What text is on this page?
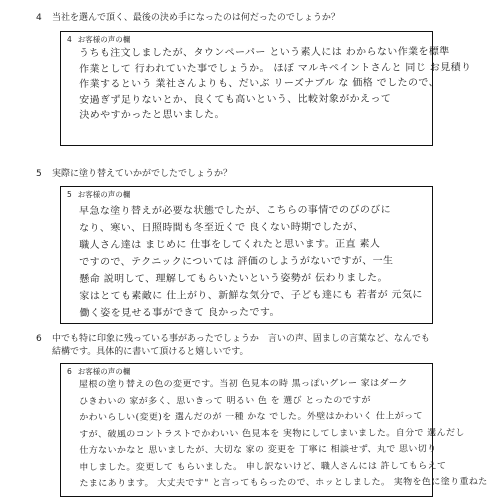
4 当社を選んで頂く、最後の決め手になったのは何だったのでしょうか？
4 お客様の声の欄
うちも注文しましたが、タウンペーパー という素人には わからない作業を標準
作業として 行われていた事でしょうか。 ほぼ マルキペイントさんと 同じ お見積り
作業するという 業社さんよりも、だいぶ リーズナブル な 価格 でしたので、
安過ぎず足りないとか、良くても高いという、比較対象がかえって
決めやすかったと思いました。
5 実際に塗り替えていかがでしたでしょうか？
5 お客様の声の欄
早急な塗り替えが必要な状態でしたが、こちらの事情でのびのびに
なり、寒い、日照時間も冬至近くで 良くない時期でしたが、
職人さん達は まじめに 仕事をしてくれたと思います。正直 素人
ですので、テクニックについては 評価のしようがないですが、一生
懸命 説明して、理解してもらいたいという姿勢が 伝わりました。
家はとても素敵に 仕上がり、新鮮な気分で、子ども達にも 若者が 元気に
働く姿を見せる事ができて 良かったです。
6 中でも特に印象に残っている事があったでしょうか　言いの声、固ましの言葉など、なんでも結構です。具体的に書いて頂けると嬉しいです。
6 お客様の声の欄
屋根の塗り替えの色の変更です。当初 色見本の時 黒っぽいグレー 家はダーク
ひきわいの 家が多く、思いきって 明るい 色 を 選び とったのですが
かわいらしい(変更)を 選んだのが 一種 かな でした。外壁はかわいく 仕上がって
すが、破風のコントラストでかわいい 色見本を 実物にしてしまいました。自分で 選んだし
仕方ないかなと 思いましたが、大切な 家の 変更を 丁寧に 相談せず、丸で 思い切り
申しました。変更して もらいました。 申し訳ないけど、職人さんには 許してもらえて
たまにあります。 大丈夫です" と言ってもらったので、ホッとしました。 実物を色に塗り重ねた
